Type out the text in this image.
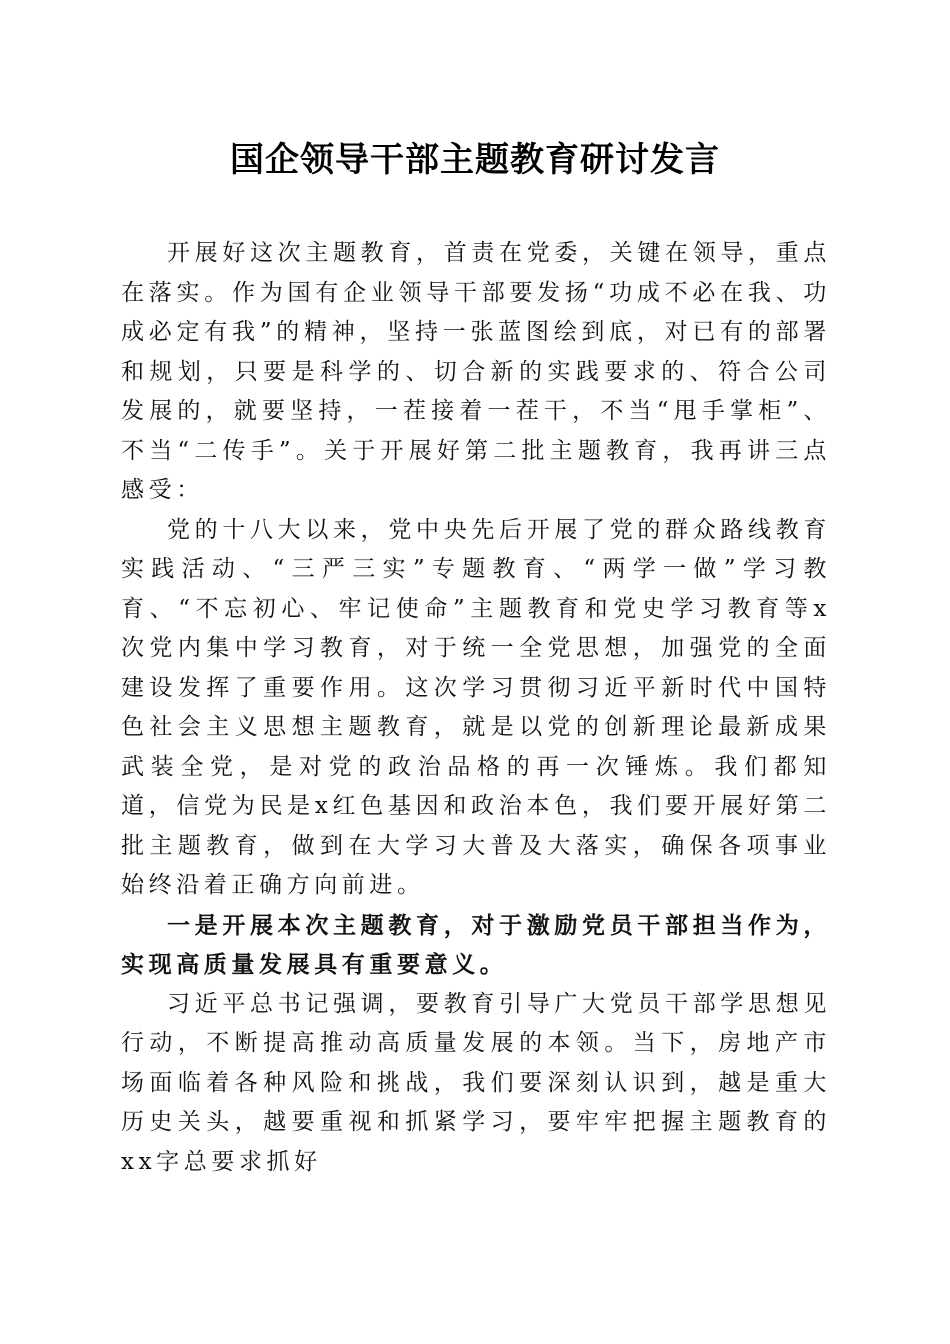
国企领导干部主题教育研讨发言

开展好这次主题教育，首责在党委，关键在领导，重点在落实。作为国有企业领导干部要发扬“功成不必在我、功成必定有我”的精神，坚持一张蓝图绘到底，对已有的部署和规划，只要是科学的、切合新的实践要求的、符合公司发展的，就要坚持，一茬接着一茬干，不当“甩手掌柜”、不当“二传手”。关于开展好第二批主题教育，我再讲三点感受：

党的十八大以来，党中央先后开展了党的群众路线教育实践活动、“三严三实”专题教育、“两学一做”学习教育、“不忘初心、牢记使命”主题教育和党史学习教育等x次党内集中学习教育，对于统一全党思想，加强党的全面建设发挥了重要作用。这次学习贯彻习近平新时代中国特色社会主义思想主题教育，就是以党的创新理论最新成果武装全党，是对党的政治品格的再一次锤炼。我们都知道，信党为民是x红色基因和政治本色，我们要开展好第二批主题教育，做到在大学习大普及大落实，确保各项事业始终沿着正确方向前进。

一是开展本次主题教育，对于激励党员干部担当作为，实现高质量发展具有重要意义。

习近平总书记强调，要教育引导广大党员干部学思想见行动，不断提高推动高质量发展的本领。当下，房地产市场面临着各种风险和挑战，我们要深刻认识到，越是重大历史关头，越要重视和抓紧学习，要牢牢把握主题教育的xx字总要求抓好
